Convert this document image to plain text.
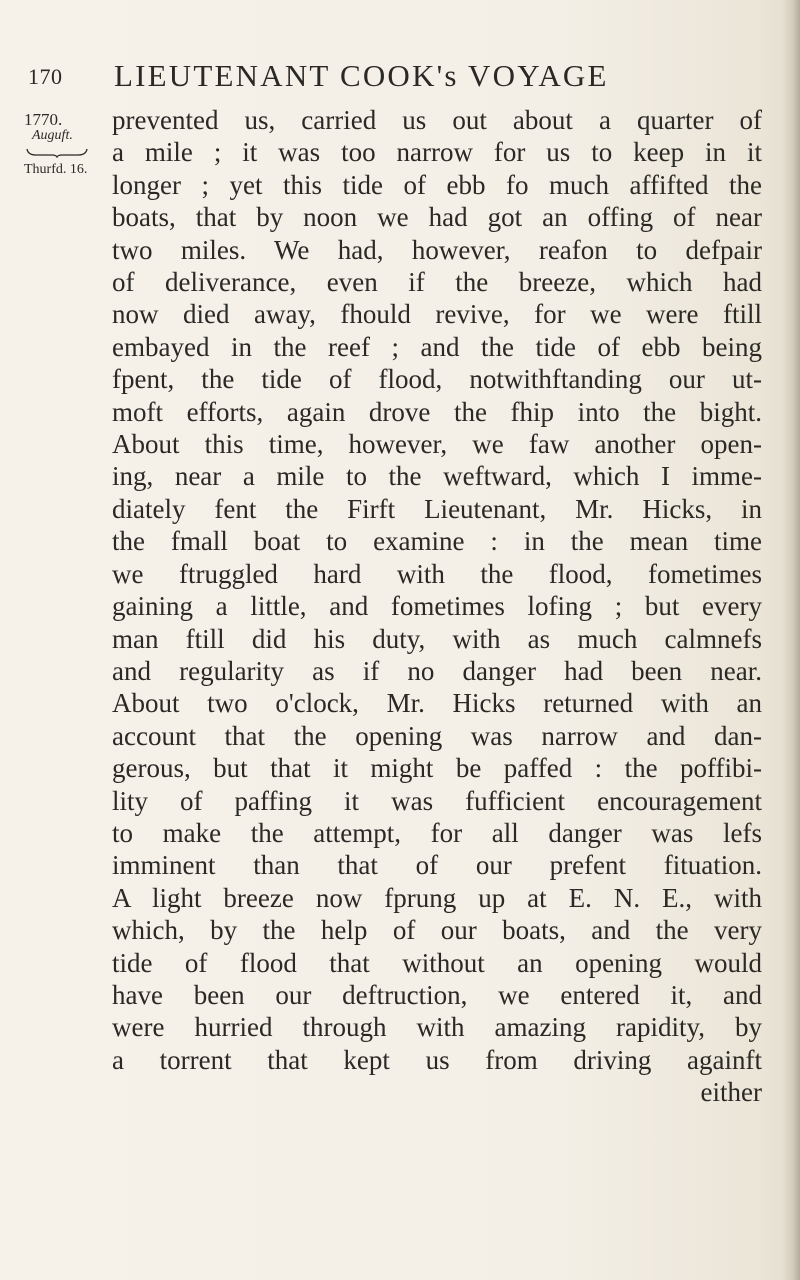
170 LIEUTENANT COOK's VOYAGE
1770.
Auguft.
Thurfd. 16.
prevented us, carried us out about a quarter of
a mile ; it was too narrow for us to keep in it
longer ; yet this tide of ebb fo much affifted the
boats, that by noon we had got an offing of near
two miles. We had, however, reafon to defpair
of deliverance, even if the breeze, which had
now died away, fhould revive, for we were ftill
embayed in the reef ; and the tide of ebb being
fpent, the tide of flood, notwithftanding our ut-
moft efforts, again drove the fhip into the bight.
About this time, however, we faw another open-
ing, near a mile to the weftward, which I imme-
diately fent the Firft Lieutenant, Mr. Hicks, in
the fmall boat to examine : in the mean time
we ftruggled hard with the flood, fometimes
gaining a little, and fometimes lofing ; but every
man ftill did his duty, with as much calmnefs
and regularity as if no danger had been near.
About two o'clock, Mr. Hicks returned with an
account that the opening was narrow and dan-
gerous, but that it might be paffed : the poffibi-
lity of paffing it was fufficient encouragement
to make the attempt, for all danger was lefs
imminent than that of our prefent fituation.
A light breeze now fprung up at E. N. E., with
which, by the help of our boats, and the very
tide of flood that without an opening would
have been our deftruction, we entered it, and
were hurried through with amazing rapidity, by
a torrent that kept us from driving againft
either
